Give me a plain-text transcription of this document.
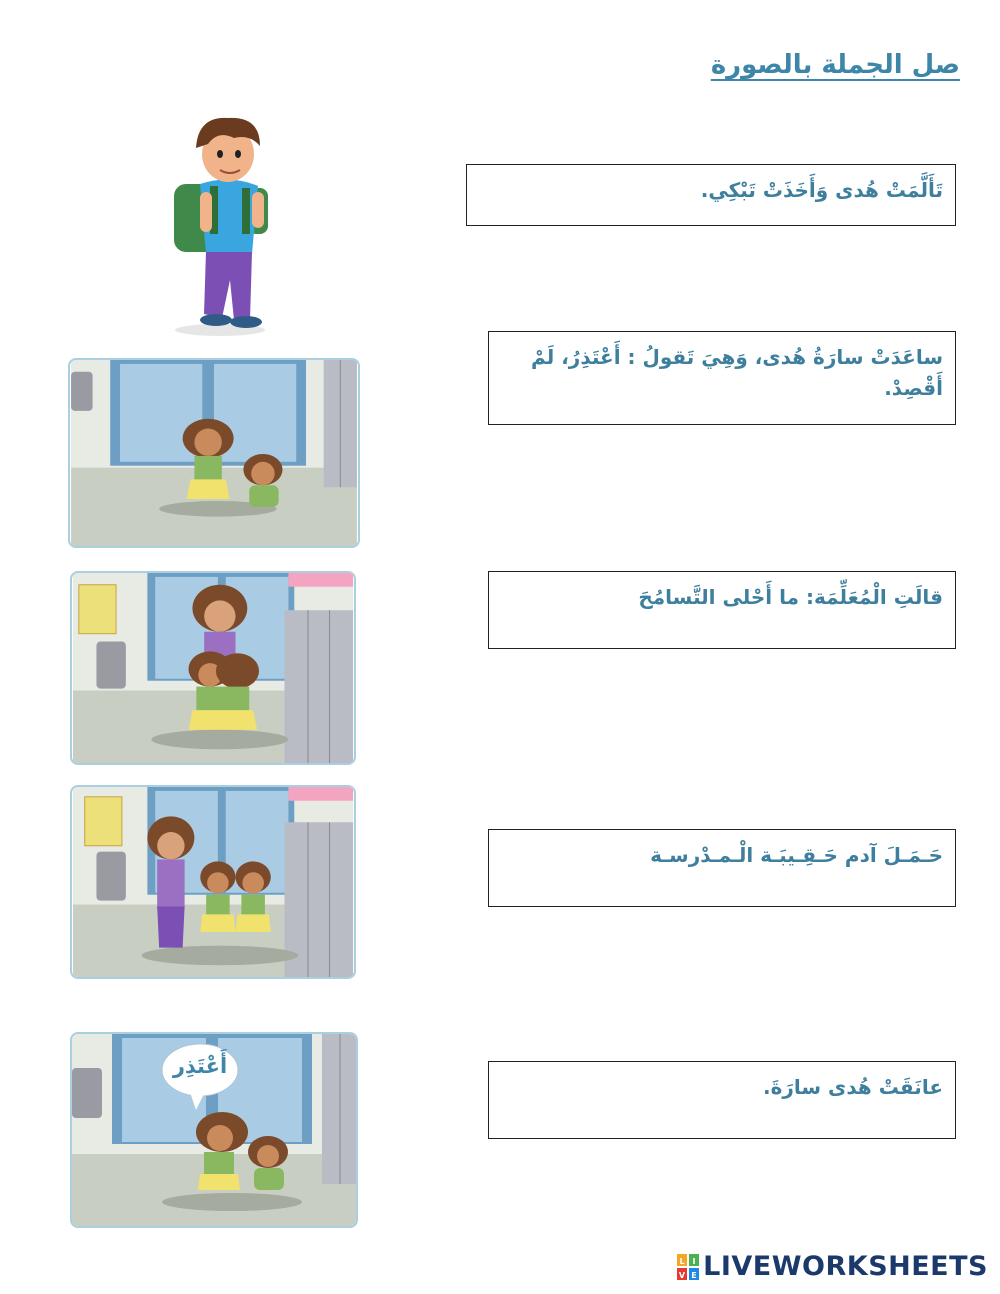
صل الجملة بالصورة
أَعْتَذِر
تَأَلَّمَتْ هُدى وَأَخَذَتْ تَبْكِي.
ساعَدَتْ سارَةُ هُدى، وَهِيَ تَقولُ : أَعْتَذِرُ، لَمْ أَقْصِدْ.
قالَتِ الْمُعَلِّمَة: ما أَحْلى التَّسامُحَ
حَـمَـلَ آدم حَـقِـيبَـة الْـمـدْرسـة
عانَقَتْ هُدى سارَةَ.
L I
V E LIVEWORKSHEETS
